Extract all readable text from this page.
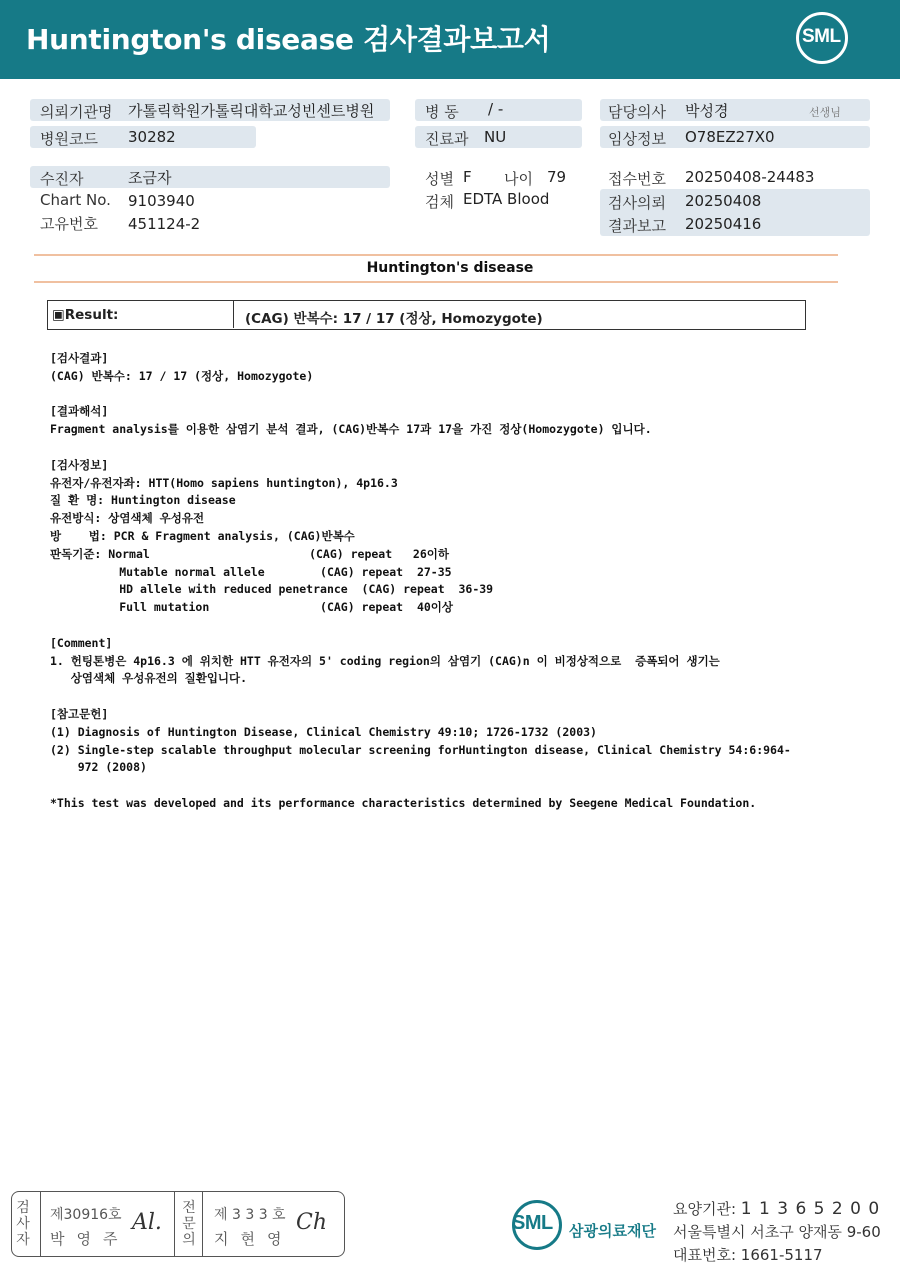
Huntington's disease 검사결과보고서	SML
의뢰기관명 가톨릭학원가톨릭대학교성빈센트병원
병원코드 30282
병 동 / -
진료과 NU
담당의사 박성경	선생님
임상정보 O78EZ27X0
수진자	조금자
Chart No. 9103940
고유번호 451124-2
성별 F 나이 79
검체 EDTA Blood
접수번호 20250408-24483
검사의뢰 20250408
결과보고 20250416
Huntington's disease
▣Result:	(CAG) 반복수: 17 / 17 (정상, Homozygote)
[검사결과]
(CAG) 반복수: 17 / 17 (정상, Homozygote)
[결과해석]
Fragment analysis를 이용한 삼염기 분석 결과, (CAG)반복수 17과 17을 가진 정상(Homozygote) 입니다.
[검사정보]
유전자/유전자좌: HTT(Homo sapiens huntington), 4p16.3
질 환 명: Huntington disease
유전방식: 상염색체 우성유전
방    법: PCR & Fragment analysis, (CAG)반복수
판독기준: Normal                       (CAG) repeat   26이하
Mutable normal allele        (CAG) repeat  27-35
HD allele with reduced penetrance  (CAG) repeat  36-39
Full mutation                (CAG) repeat  40이상
[Comment]
1. 헌팅톤병은 4p16.3 에 위치한 HTT 유전자의 5' coding region의 삼염기 (CAG)n 이 비정상적으로  증폭되어 생기는
상염색체 우성유전의 질환입니다.
[참고문헌]
(1) Diagnosis of Huntington Disease, Clinical Chemistry 49:10; 1726-1732 (2003)
(2) Single-step scalable throughput molecular screening forHuntington disease, Clinical Chemistry 54:6:964-
972 (2008)
*This test was developed and its performance characteristics determined by Seegene Medical Foundation.
검
사
자
제30916호
박영주
Al.
전
문
의
제 3 3 3 호
지현영
Ch	SML 삼광의료재단
요양기관: 1 1 3 6 5 2 0 0
서울특별시 서초구 양재동 9-60
대표번호: 1661-5117
